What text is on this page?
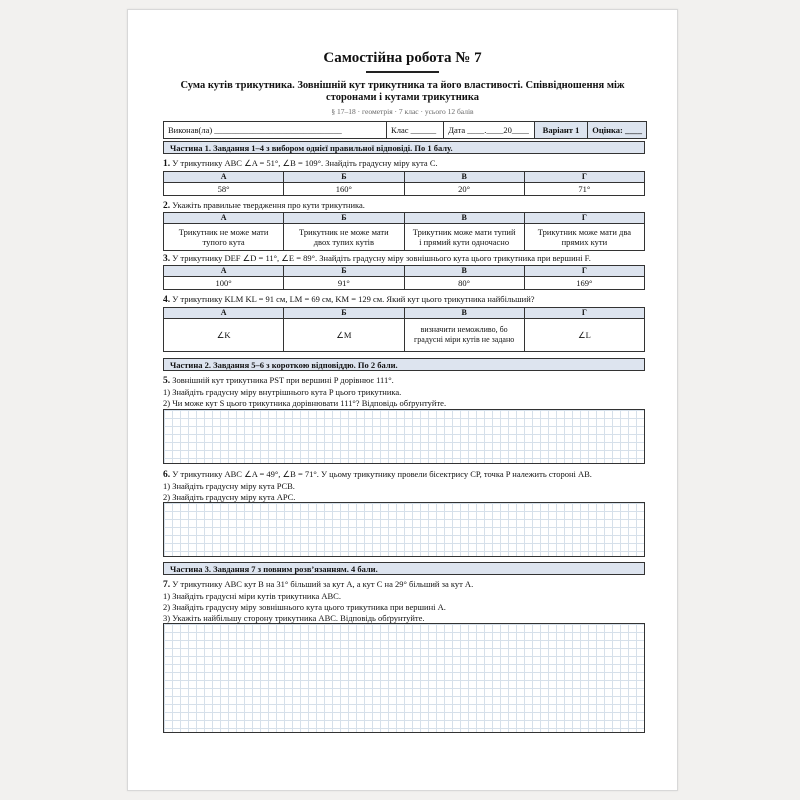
Самостійна робота № 7
Сума кутів трикутника. Зовнішній кут трикутника та його властивості. Співвідношення між сторонами і кутами трикутника
§ 17–18 · геометрія · 7 клас · усього 12 балів
Виконав(ла) ______________________________	Клас ______	Дата ____.____20____	Варіант 1	Оцінка: ____
Частина 1. Завдання 1–4 з вибором однієї правильної відповіді. По 1 балу.
1. У трикутнику ABC ∠A = 51°, ∠B = 109°. Знайдіть градусну міру кута C.
А	Б	В	Г
58°	160°	20°	71°
2. Укажіть правильне твердження про кути трикутника.
А	Б	В	Г
Трикутник не може мати тупого кута	Трикутник не може мати двох тупих кутів	Трикутник може мати тупий і прямий кути одночасно	Трикутник може мати два прямих кути
3. У трикутнику DEF ∠D = 11°, ∠E = 89°. Знайдіть градусну міру зовнішнього кута цього трикутника при вершині F.
А	Б	В	Г
100°	91°	80°	169°
4. У трикутнику KLM KL = 91 см, LM = 69 см, KM = 129 см. Який кут цього трикутника найбільший?
А	Б	В	Г
∠K	∠M	визначити неможливо, бо градусні міри кутів не задано	∠L
Частина 2. Завдання 5–6 з короткою відповіддю. По 2 бали.
5. Зовнішній кут трикутника PST при вершині P дорівнює 111°.
1) Знайдіть градусну міру внутрішнього кута P цього трикутника.
2) Чи може кут S цього трикутника дорівнювати 111°? Відповідь обґрунтуйте.
6. У трикутнику ABC ∠A = 49°, ∠B = 71°. У цьому трикутнику провели бісектрису CP, точка P належить стороні AB.
1) Знайдіть градусну міру кута PCB.
2) Знайдіть градусну міру кута APC.
Частина 3. Завдання 7 з повним розв’язанням. 4 бали.
7. У трикутнику ABC кут B на 31° більший за кут A, а кут C на 29° більший за кут A.
1) Знайдіть градусні міри кутів трикутника ABC.
2) Знайдіть градусну міру зовнішнього кута цього трикутника при вершині A.
3) Укажіть найбільшу сторону трикутника ABC. Відповідь обґрунтуйте.
